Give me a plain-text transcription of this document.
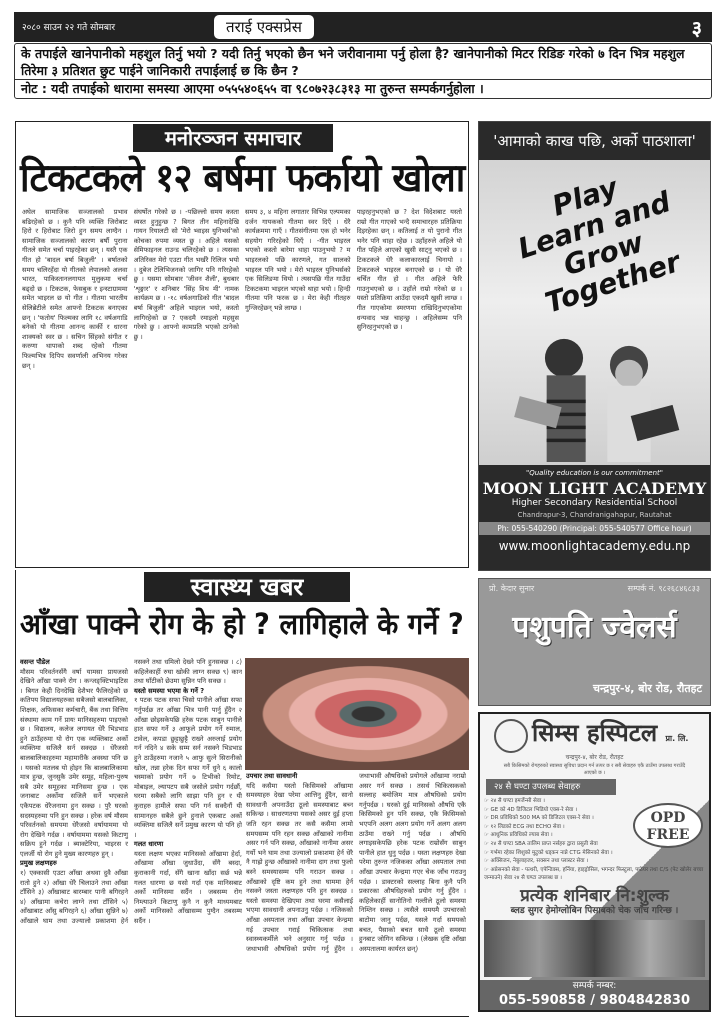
२०८० साउन २२ गते सोमबार	तराई एक्सप्रेस	३
के तपाईले खानेपानीको महशुल तिर्नु भयो ? यदी तिर्नु भएको छैन भने जरीवानामा पर्नु होला है? खानेपानीको मिटर रिडिङ गरेको ७ दिन भित्र महशुल तिरेमा ३ प्रतिशत छुट पाईने जानिकारी तपाईलाई छ कि छैन ?
नोट : यदी तपाईको धारामा समस्या आएमा ०५५५४०६५५ वा ९८०७२३८३१३ मा तुरुन्त सम्पर्कगर्नुहोला ।
मनोरञ्जन समाचार
टिकटकले १२ बर्षमा फर्कायो खोला
अघेल सामाजिक सञ्जालको प्रभाव बढिरहेको छ । कुनै पनि व्यक्ति जिरोबाट हिरो र हिरोबाट जिरो हुन समय लाग्दैन । सामाजिक सञ्जालको कारण बर्षौ पुराना गीतले समेत चर्चा पाइरहेका छन् । यस्तै एक गीत हो 'बादल बर्षा बिजुली' । बर्षातको समय चलिरहँदा यो गीतको लेपालको अलवा भारत, पाकिस्तानलगायत मुलुकमा चर्चा बढ्दो छ । टिकटक, फेसबुक र इन्स्टाग्राममा समेत भाइरल छ यो गीत । गीतमा भारतीय सेलिब्रेटीले समेत आफ्नो टिकटक बनाएका छन् । 'फतोय' फिल्मका लागि १८ वर्षअगाडि बनेको यो गीतमा आनन्द कार्की र धारना शाक्यको स्वर छ । सचिन सिंहको संगीत र करुणा थापाको शब्द रहेको गीतमा फिल्मभित्र दिपिप सवर्णाली अभिनय गरेका छन् ।
संघर्षोत गरेको छ । -पछिल्लो समय कस्ता व्यस्त हुनुहुन्छ ? बिगत तीन महिनादेखि गायन रियालटी सो 'मेरो भ्वाइस युनिभर्स'को कोचका रुपमा व्यस्त छु । अहिले यसको सेमिफाइनल राउन्ड चलिरहेको छ । त्यसका अतिरिक्त मेरो एउटा गीत भर्खरै रिलिज भयो । दुबेज टेलिभिजनको जागिर पनि गरिरहेको छु । यसमा सोमबार 'जीवन शैली', बुधबार 'शृङ्गार' र शनिबार 'सिंह विथ मी' नामक कार्यक्रम छ । -१८ वर्षअगाडिको गीत 'बादल बर्षा बिजुली' अहिले भाइरल भयो, कस्तो लागिरहेको छ ? एकदमै रमाइलो महसुस गरेको छु । आफ्नो कामप्रति भएको ठानेको छु ।
समय ३, ४ महिना लगातार विभिन्न एल्पमका दर्जन गायकको गीतमा स्वर दिएँ । धेरै कार्यक्रममा गाएँ । गीतसंगीतमा एक हो भनेर सहयोग गरिरहेको थिएँ । -गीत भाइरल भएको कस्तो बारेमा थाहा पाउनुभयो ? म भाइरलको पछि कारणले, गत सालको भाइरल पनि भयो । मेरो भाइरल युनिभर्सको एक सिलिङमा थियो । त्यसपछि गीत गाउँदा टिकटकमा भाइरल भएको थाहा भयो । हिन्दी गीतमा पनि फरक छ । मेरा केही गीतहरु गुन्जिरहेछन् भन्ने लाग्छ ।
पाइरहनुभएको छ ? देश विदेशबाट यस्तो राम्रो गीत गाएको भन्दै समाचारहरु प्रतिक्रिया दिइरहेका छन् । कतिलाई त यो पुरानो गीत भनेर पनि थाहा रहेछ । उहाँहरुले अहिले यो गीत पहिले आएको खुसी साट्नु भएको छ । टिकटकले धेरै कलाकारलाई चिनायो । टिकटकले भाइरल बनाएको छ । यो धेरै चर्चित गीत हो । गीत अहिले फेरि गाउनुभएको छ । उहाँले राम्रो गरेको छ । यस्तो प्रतिक्रिया आउँदा एकदमै खुसी लाग्छ । गीत गाएकोमा स्मरणमा राखिदिनुभएकोमा धन्यवाद भन्न चाहन्छु । अहिलेसम्म पनि सुनिरहनुभएको छ ।
'आमाको काख पछि, अर्को पाठशाला'
Play Learn and Grow Together
"Quality education is our commitment"
MOON LIGHT ACADEMY
Higher Secondary Residential School
Chandrapur-3, Chandranigahapur, Rautahat
Ph: 055-540290 (Principal: 055-540577 Office hour)
www.moonlightacademy.edu.np
स्वास्थ्य खबर
आँखा पाक्ने रोग के हो ? लागिहाले के गर्ने ?
वसन्त पौडेल
मौसम परिवर्तनसँगै वर्षा यामसा प्रायजसो देखिने आँखा पाक्ने रोग । कन्जङ्क्टिभाइटिस । बिगत केही दिनदेखि देशैभर फैलिरहेको छ कतिपय विद्यालयहरुका सबैजसो बालबालिका, शिक्षक, अफिसका कर्मचारी, बैंक तथा वित्तिय संस्थामा काम गर्ने प्रायः मानिसहरुमा पाइएको छ । विद्यालय, कलेज लगायत धेरै भिडभाड हुने ठाउँहरुमा यो रोग एक व्यक्तिबाट अर्को व्यक्तिमा सजिलै सर्न सक्दछ । धेरैजसो बालबालिकाहरुमा महामारीकै अवस्था पनि छ । यसको मतलब यो होइन कि बालबालिकामा मात्र हुन्छ, जुनसुकै उमेर समूह, महिला-पुरुष सबै उमेर समूहका मानिसमा हुन्छ । एक जनाबाट अर्कोमा सजिलै सर्ने भएकाले एकैपटक धेरैजनामा हुन सक्छ । पुरै घरको सदस्यहरुमा पनि हुन सक्छ । हरेक वर्ष मौसम परिवर्तनको समयमा धेरैजसो वर्षायाममा यो रोग देखिने गर्दछ । वर्षायाममा यसको किटाणु सक्रिय हुने गर्दछ । ब्याक्टेरिया, भाइरस र एलर्जी यो रोग हुने मुख्य कारणहरु हुन् ।
प्रमुख लक्षणहरु
१) एक्कासी एउटा आँखा अथवा दुवै आँखा रातो हुने २) आँखा धेरै चिलाउने तथा आँखा टाँसिने ३) आँखाबाट बारम्बार पानी बगिरहने ४) आँखामा कचेरा लाग्ने तथा टाँसिने ५) आँखाबाट आँसु बगिरहने ६) आँखा सुन्निने ७) आँखाले घाम तथा उज्यालो प्रकाशमा हेर्न नसक्ने तथा धमिलो देख्ने पनि हुनसक्छ । ८) कहिलेकाहीं रुघा खोकी लाग्न सक्छ ९) कान तथा घाँटीको छेउमा सुन्निन पनि सक्छ ।
यस्तो समस्या भएमा के गर्ने ?
१ पटक पटक सफा चिसो पानीले आँखा सफा गर्नुपर्दछ तर आँखा भित्र पानी पार्नु हुँदैन २ आँखा छोइसकेपछि हरेक पटक साबुन पानीले हात सफा गर्ने ३ आफूले प्रयोग गर्ने रुमाल, टावेल, कपडा छुट्टाछुट्टै राख्ने अरुलाई प्रयोग गर्न नदिने ४ सके सम्म सर्न नसक्ने भिडभाड हुने ठाउँहरुमा नजाने ५ आफु सुत्ने सिरानीको खोल, तन्ना हरेक दिन सफा गर्ने धुने ६ कालो चस्माको प्रयोग गर्ने ७ टिभीको रिमोट, मोबाइल, ल्यापटप सबै जसोले प्रयोग गर्दछौं, घरमा सबैको लागि साझा पनि हुन र यी कुराहरु हामीले सफा पनि गर्न सक्दैनौं यी सामानहरु सबैले छुने हुनाले एकबाट अर्को व्यक्तिमा सजिलै सर्ने प्रमुख कारण यो पनि हो ।
गलत धारणा
यस्ता लक्षण भएका मानिसको आँखामा हेर्दा, आँखामा आँखा जुधाउँदा, सँगै बस्दा, कुराकानी गर्दा, सँगै खाना खाँदा सर्छ भन्ने गलत धारणा छ यसो गर्दा एक मानिसबाट अर्को मानिसमा सर्दैन । जबसम्म रोग निम्त्याउने किटाणु कुनै न कुनै माध्यमबाट अर्को मानिसको आँखासम्म पुग्दैन तबसम्म सर्दैन ।
उपचार तथा सावधानी
यदि कसैमा यस्तो किसिमको आँखामा समस्याहरु देखा परेमा आत्तिनु हुँदैन, सानो सावधानी अपनाउँदा ठूलो समस्याबाट बच्न सकिन्छ । साधरणतया यसको असर दुई हप्ता जति रहन सक्छ तर कसै कसैमा लामो समयसम्म पनि रहन सक्छ आँखाको नानीमा असर गर्न पनि सक्छ, आँखाको नानीमा असर गर्यो भने घाम तथा उज्यालो प्रकाशमा हेर्न धेरै नै गाह्रो हुन्छ आँखाको नानीमा दाग तथा फुलो बस्ने समस्यासम्म पनि गराउन सक्छ । आँखाको दृष्टि कम हुने तथा घाममा हेर्न नसक्ने जस्ता लक्षणहरु पनि हुन सक्दछ । यस्तो समस्या देखिएमा तथा घरमा कसैलाई भएमा सावधानी अपनाउनु पर्दछ । नजिकको आँखा अस्पताल तथा आँखा उपचार केन्द्रमा गई उपचार गराई चिकित्सक तथा स्वास्थ्यकर्मीले भने अनुसार गर्नु पर्दछ । जथाभावी औषधिको प्रयोग गर्नु हुँदैन । जथाभावी औषधिको प्रयोगले आँखामा नराम्रो असर गर्न सक्छ । तसर्थ चिकित्सकको सल्लाह बमोजिम मात्र औषधिको प्रयोग गर्नुपर्दछ । घरको दुई मानिसको औषधि एकै किसिमको हुन पनि सक्छ, एकै किसिमको भएपनि अलग अलग प्रयोग गर्ने अलग अलग ठाउँमा राख्ने गर्नु पर्दछ । औषधि लगाइसकेपछि हरेक पटक राम्रोसँग साबुन पानीले हात धुनु पर्दछ । यस्ता लक्षणहरु देखा परेमा तुरुन्त नजिकका आँखा अस्पताल तथा आँखा उपचार केन्द्रमा गएर चेक जाँच गराउनु पर्दछ । डाक्टरको सल्लाह बिना कुनै पनि प्रकारका औषधिहरुको प्रयोग गर्नु हुँदैन । कहिलेकाहीं सानोतिनो गल्तीले ठूलो समस्या निम्तिन सक्छ । त्यसैले समयमै उपचारको बाटोमा जानु पर्दछ, यसले गर्दा समयको बचत, पैसाको बचत साथै ठूलो समस्या हुनबाट जोगिन सकिन्छ । (लेखक दृष्टि आँखा अस्पतालमा कार्यरत छन्)
प्रो. केदार सुनार	सम्पर्क नं. ९८२६८४६८३३
पशुपति ज्वेलर्स
चन्द्रपुर-४, बोर रोड, रौतहट
सिम्स हस्पिटल प्रा. लि.
चन्द्रपुर-४, बोर रोड, रौतहट
सबै किसिमको रोगहरुको स्वास्थ्य सुविधा प्रदान गर्न तत्पर छ र सबै सेवाहरु एकै ठाउँमा उपलब्ध गराउँदै आएको छ ।
२४ सै घण्टा उपलब्ध सेवाहरु
OPD FREE
☞ २४ सै घण्टा इमर्जेन्सी सेवा ।
☞ GE को 4D डिजिटल भिडियो एक्स-रे सेवा ।
☞ DR प्रविधिको 500 MA को डिजिटल एक्स-रे सेवा ।
☞ १२ लिडको ECG तथा ECHO सेवा ।
☞ आधुनिक प्रविधिको ल्याब सेवा ।
☞ २४ सै घण्टा SBA तालिम प्राप्त नर्सहरु द्वारा प्रसुती सेवा
☞ गर्भमा रहेका शिशुको मुटुको धड्कन नाप्ने CTG मेसिनको सेवा ।
☞ अक्सिजन, नेबुलाइजर, सक्सन तथा प्लास्टर सेवा ।
☞ अप्रेसनको सेवा - पत्थरी, एपेन्डिक्स, हर्निया, हाइड्रोसिल, भगन्दर फिस्टुला, पाठेघर तथा C/S (पेट खोलेर बच्चा जन्माउने) सेवा २४ सै घण्टा उपलब्ध छ ।
प्रत्येक शनिबार नि:शुल्क
ब्लड सुगर हेमोग्लोबिन पिसाबको चेक जाँच गरिन्छ ।
सम्पर्क नम्बर:
055-590858 / 9804842830
